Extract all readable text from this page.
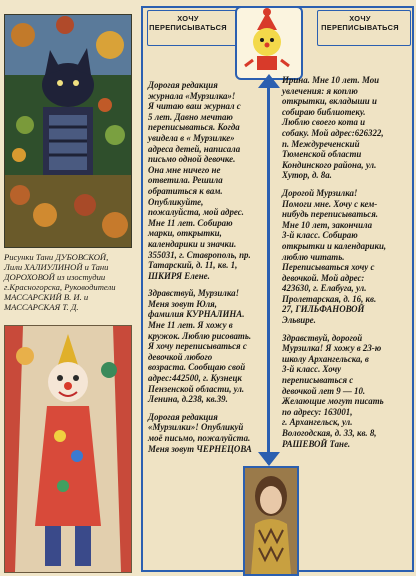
Рисунки Тани ДУБОВСКОЙ,
Лили ХАЛИУЛИНОЙ и Тани
ДОРОХОВОЙ из изостудии
г.Красногорска, Руководители
МАССАРСКИЙ В. И. и
МАССАРСКАЯ Т. Д.
ХОЧУ
ПЕРЕПИСЫВАТЬСЯ
ХОЧУ
ПЕРЕПИСЫВАТЬСЯ
Дорогая редакция
журнала «Мурзилка»!
Я читаю ваш журнал с
5 лет. Давно мечтаю
переписываться. Когда
увидела в « Мурзилке»
адреса детей, написала
письмо одной девочке.
Она мне ничего не
ответила. Решила
обратиться к вам.
Опубликуйте,
пожалуйста, мой адрес.
Мне 11 лет. Собираю
марки, открытки,
календарики и значки.
355031, г. Ставрополь, пр.
Татарский, д. 11, кв. 1,
ШКИРЯ Елене.
Здравствуй, Мурзилка!
Меня зовут Юля,
фамилия КУРНАЛИНА.
Мне 11 лет. Я хожу в
кружок. Люблю рисовать.
Я хочу переписываться с
девочкой любого
возраста. Сообщаю свой
адрес:442500, г. Кузнецк
Пензенской области, ул.
Ленина, д.238, кв.39.
Дорогая редакция
«Мурзилки»! Опубликуй
моё письмо, пожалуйста.
Меня зовут ЧЕРНЕЦОВА
Ирина. Мне 10 лет. Мои
увлечения: я коплю
открытки, вкладыши и
собираю библиотеку.
Люблю своего кота и
собаку. Мой адрес:626322,
п. Междуреченский
Тюменской области
Кондинского района, ул.
Хутор, д. 8а.
Дорогой Мурзилка!
Помоги мне. Хочу с кем-
нибудь переписываться.
Мне 10 лет, закончила
3-й класс. Собираю
открытки и календарики,
люблю читать.
Переписываться хочу с
девочкой. Мой адрес:
423630, г. Елабуга, ул.
Пролетарская, д. 16, кв.
27, ГИЛЬФАНОВОЙ
Эльвире.
Здравствуй, дорогой
Мурзилка! Я хожу в 23-ю
школу Архангельска, в
3-й класс. Хочу
переписываться с
девочкой лет 9 — 10.
Желающие могут писать
по адресу: 163001,
г. Архангельск, ул.
Вологодская, д. 33, кв. 8,
РАШЕВОЙ Тане.
